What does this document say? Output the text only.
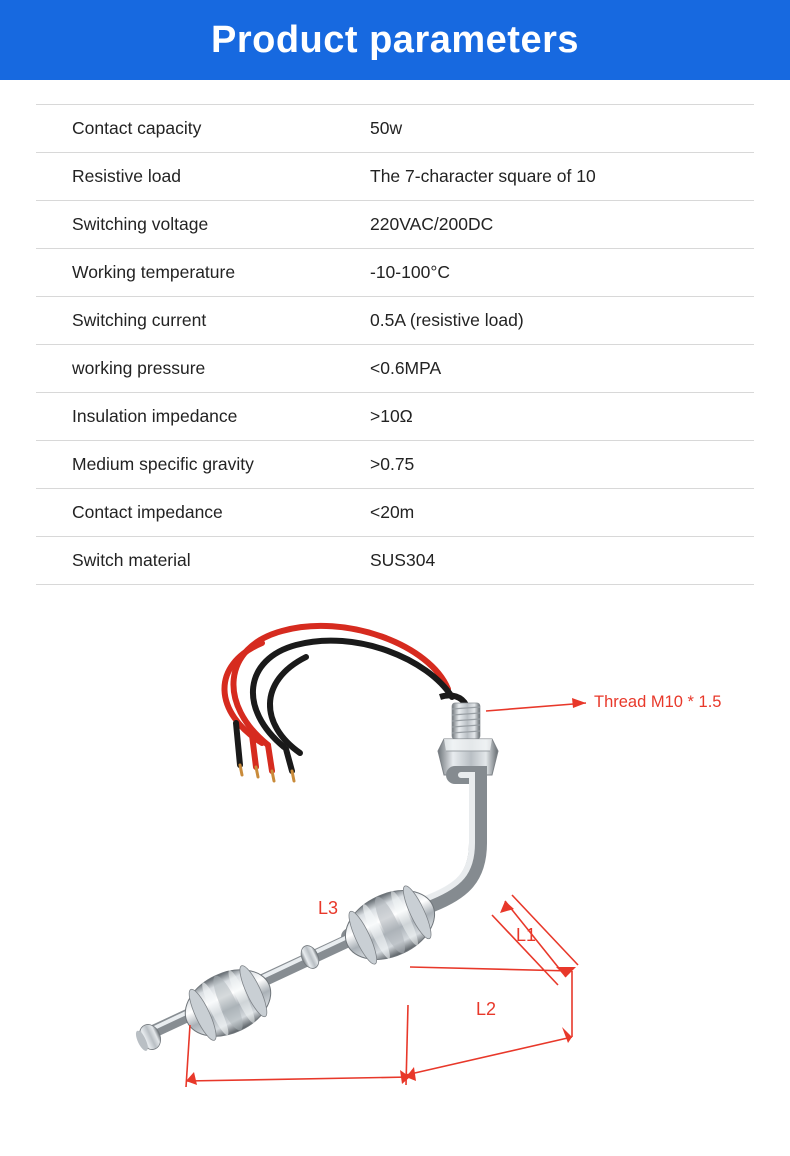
Product parameters
Contact capacity	50w
Resistive load	The 7-character square of 10
Switching voltage	220VAC/200DC
Working temperature	-10-100°C
Switching current	0.5A (resistive load)
working pressure	<0.6MPA
Insulation impedance	>10Ω
Medium specific gravity	>0.75
Contact impedance	<20m
Switch material	SUS304
Thread M10 * 1.5
L1
L2
L3
